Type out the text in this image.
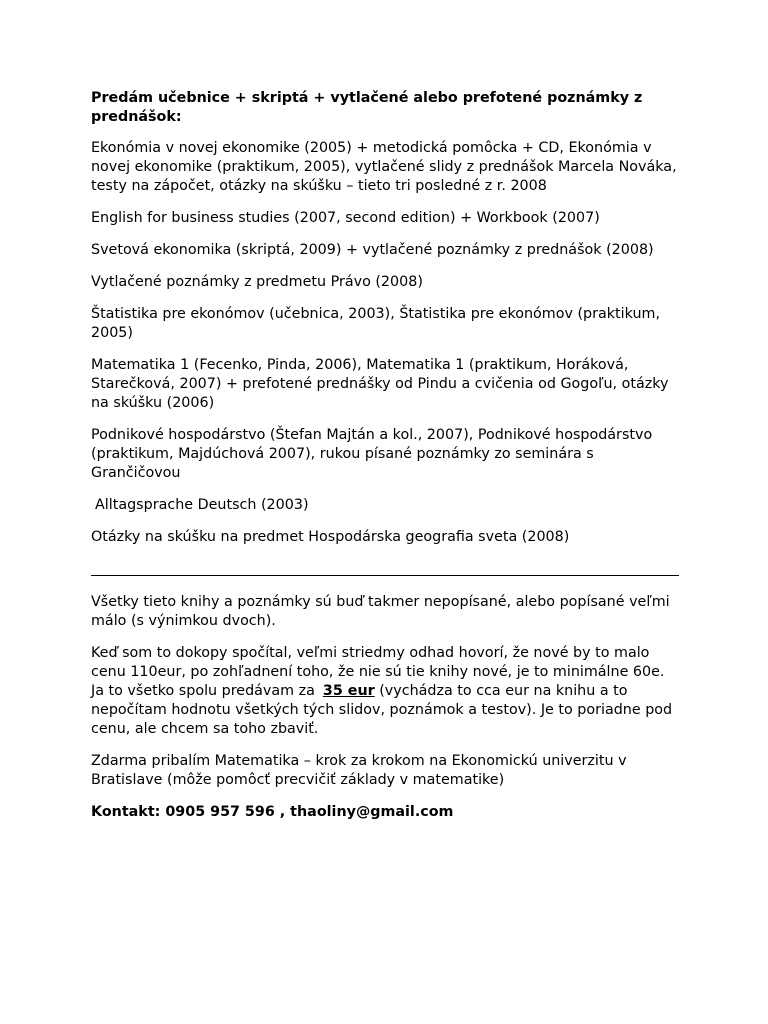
Predám učebnice + skriptá + vytlačené alebo prefotené poznámky z prednášok:

Ekonómia v novej ekonomike (2005) + metodická pomôcka + CD, Ekonómia v
novej ekonomike (praktikum, 2005), vytlačené slidy z prednášok Marcela Nováka,
testy na zápočet, otázky na skúšku – tieto tri posledné z r. 2008

English for business studies (2007, second edition) + Workbook (2007)

Svetová ekonomika (skriptá, 2009) + vytlačené poznámky z prednášok (2008)

Vytlačené poznámky z predmetu Právo (2008)

Štatistika pre ekonómov (učebnica, 2003), Štatistika pre ekonómov (praktikum,
2005)

Matematika 1 (Fecenko, Pinda, 2006), Matematika 1 (praktikum, Horáková,
Starečková, 2007) + prefotené prednášky od Pindu a cvičenia od Gogoľu, otázky
na skúšku (2006)

Podnikové hospodárstvo (Štefan Majtán a kol., 2007), Podnikové hospodárstvo
(praktikum, Majdúchová 2007), rukou písané poznámky zo seminára s
Grančičovou

Alltagsprache Deutsch (2003)

Otázky na skúšku na predmet Hospodárska geografia sveta (2008)

Všetky tieto knihy a poznámky sú buď takmer nepopísané, alebo popísané veľmi
málo (s výnimkou dvoch).

Keď som to dokopy spočítal, veľmi striedmy odhad hovorí, že nové by to malo
cenu 110eur, po zohľadnení toho, že nie sú tie knihy nové, je to minimálne 60e.
Ja to všetko spolu predávam za 35 eur (vychádza to cca eur na knihu a to
nepočítam hodnotu všetkých tých slidov, poznámok a testov). Je to poriadne pod
cenu, ale chcem sa toho zbaviť.

Zdarma pribalím Matematika – krok za krokom na Ekonomickú univerzitu v
Bratislave (môže pomôcť precvičiť základy v matematike)

Kontakt: 0905 957 596 , thaoliny@gmail.com
